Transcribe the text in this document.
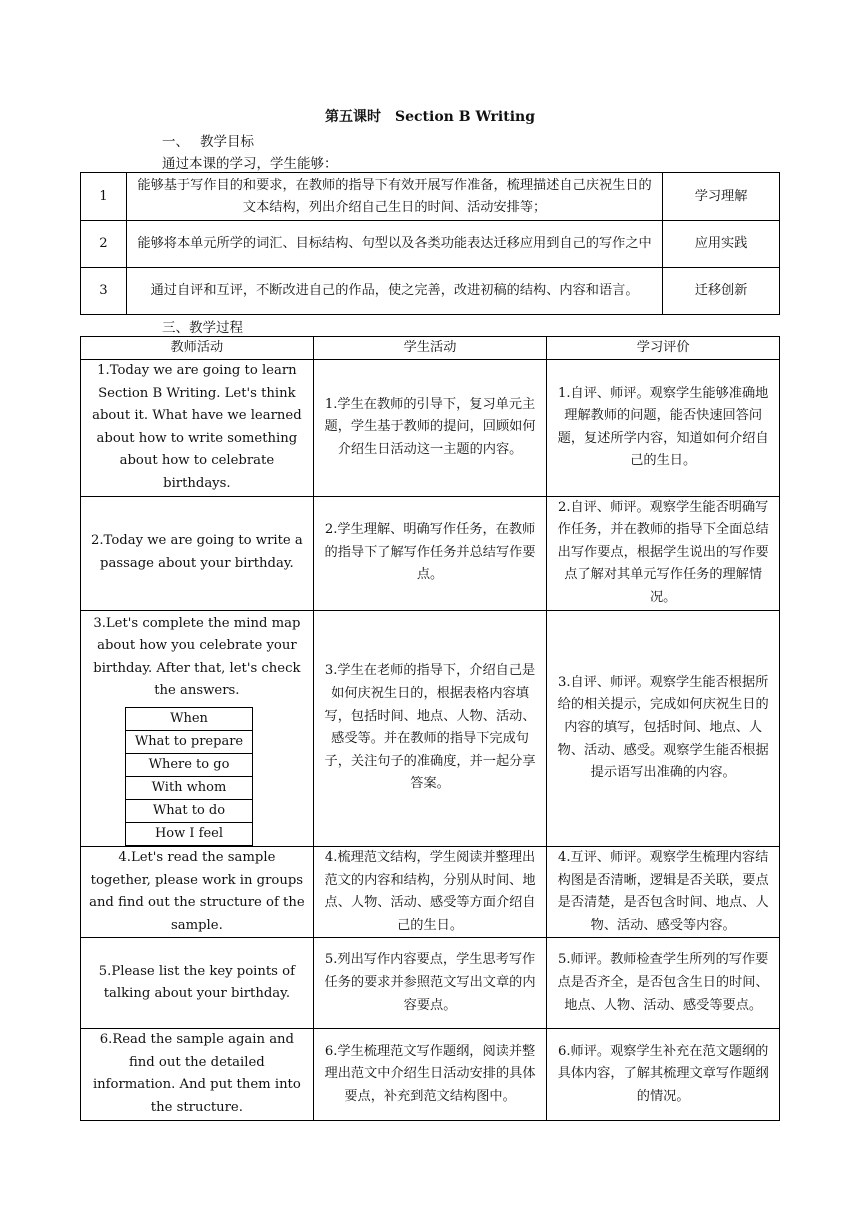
第五课时　Section B Writing
一、 教学目标
通过本课的学习，学生能够：
1	能够基于写作目的和要求，在教师的指导下有效开展写作准备，梳理描述自己庆祝生日的文本结构，列出介绍自己生日的时间、活动安排等；	学习理解
2	能够将本单元所学的词汇、目标结构、句型以及各类功能表达迁移应用到自己的写作之中	应用实践
3	通过自评和互评，不断改进自己的作品，使之完善，改进初稿的结构、内容和语言。	迁移创新
三、教学过程
教师活动	学生活动	学习评价
1.Today we are going to learn Section B Writing. Let's think about it. What have we learned about how to write something about how to celebrate birthdays.	1.学生在教师的引导下，复习单元主题，学生基于教师的提问，回顾如何介绍生日活动这一主题的内容。	1.自评、师评。观察学生能够准确地理解教师的问题，能否快速回答问题，复述所学内容，知道如何介绍自己的生日。
2.Today we are going to write a passage about your birthday.	2.学生理解、明确写作任务，在教师的指导下了解写作任务并总结写作要点。	2.自评、师评。观察学生能否明确写作任务，并在教师的指导下全面总结出写作要点，根据学生说出的写作要点了解对其单元写作任务的理解情况。

3.Let's complete the mind map about how you celebrate your birthday. After that, let's check the answers.
When
What to prepare
Where to go
With whom
What to do
How I feel
	3.学生在老师的指导下，介绍自己是如何庆祝生日的，根据表格内容填写，包括时间、地点、人物、活动、感受等。并在教师的指导下完成句子，关注句子的准确度，并一起分享答案。	3.自评、师评。观察学生能否根据所给的相关提示，完成如何庆祝生日的内容的填写，包括时间、地点、人物、活动、感受。观察学生能否根据提示语写出准确的内容。
4.Let's read the sample together, please work in groups and find out the structure of the sample.	4.梳理范文结构，学生阅读并整理出范文的内容和结构，分别从时间、地点、人物、活动、感受等方面介绍自己的生日。	4.互评、师评。观察学生梳理内容结构图是否清晰，逻辑是否关联，要点是否清楚，是否包含时间、地点、人物、活动、感受等内容。
5.Please list the key points of talking about your birthday.	5.列出写作内容要点，学生思考写作任务的要求并参照范文写出文章的内容要点。	5.师评。教师检查学生所列的写作要点是否齐全，是否包含生日的时间、地点、人物、活动、感受等要点。
6.Read the sample again and find out the detailed information. And put them into the structure.	6.学生梳理范文写作题纲，阅读并整理出范文中介绍生日活动安排的具体要点，补充到范文结构图中。	6.师评。观察学生补充在范文题纲的具体内容，了解其梳理文章写作题纲的情况。
